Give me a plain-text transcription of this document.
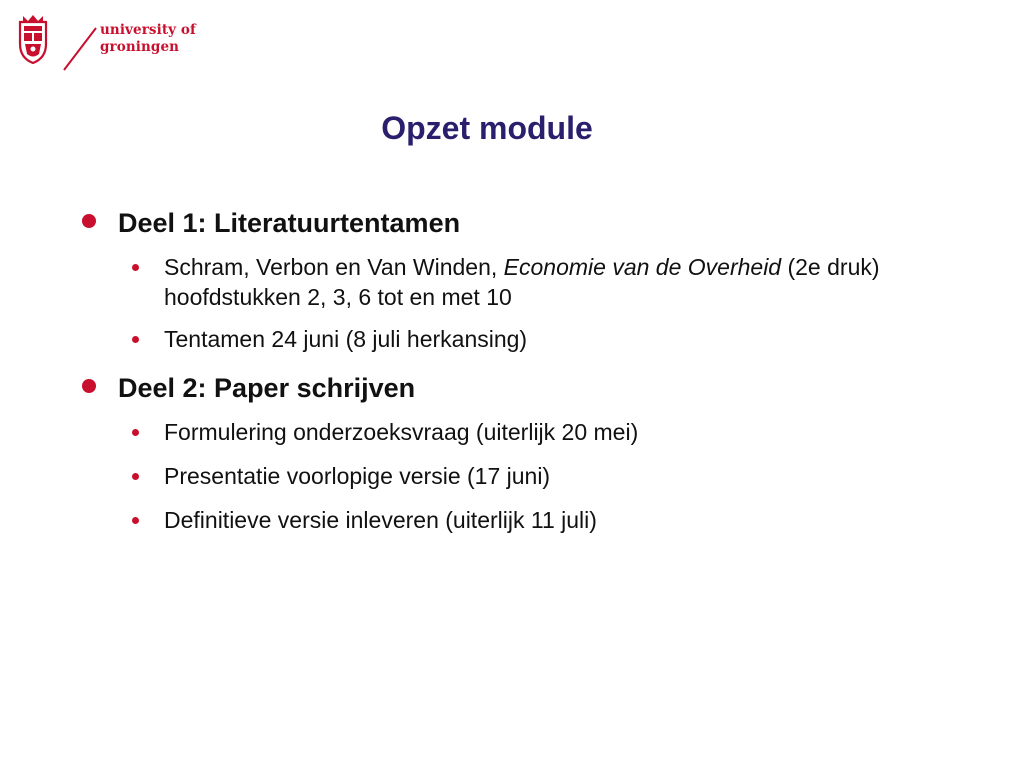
university of
groningen
Opzet module
Deel 1: Literatuurtentamen
Schram, Verbon en Van Winden, Economie van de Overheid (2e druk) hoofdstukken 2, 3, 6 tot en met 10
Tentamen 24 juni (8 juli herkansing)
Deel 2: Paper schrijven
Formulering onderzoeksvraag (uiterlijk 20 mei)
Presentatie voorlopige versie (17 juni)
Definitieve versie inleveren (uiterlijk 11 juli)
